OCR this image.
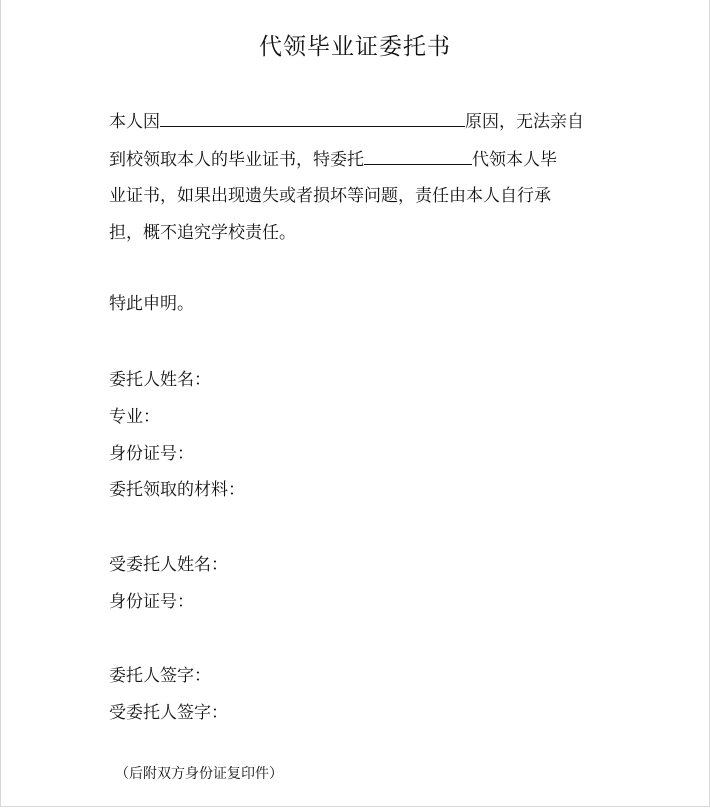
代领毕业证委托书
本人因	原因，无法亲自
到校领取本人的毕业证书，特委托	代领本人毕
业证书，如果出现遗失或者损坏等问题，责任由本人自行承
担，概不追究学校责任。
特此申明。
委托人姓名：
专业：
身份证号：
委托领取的材料：
受委托人姓名：
身份证号：
委托人签字：
受委托人签字：
（后附双方身份证复印件）
